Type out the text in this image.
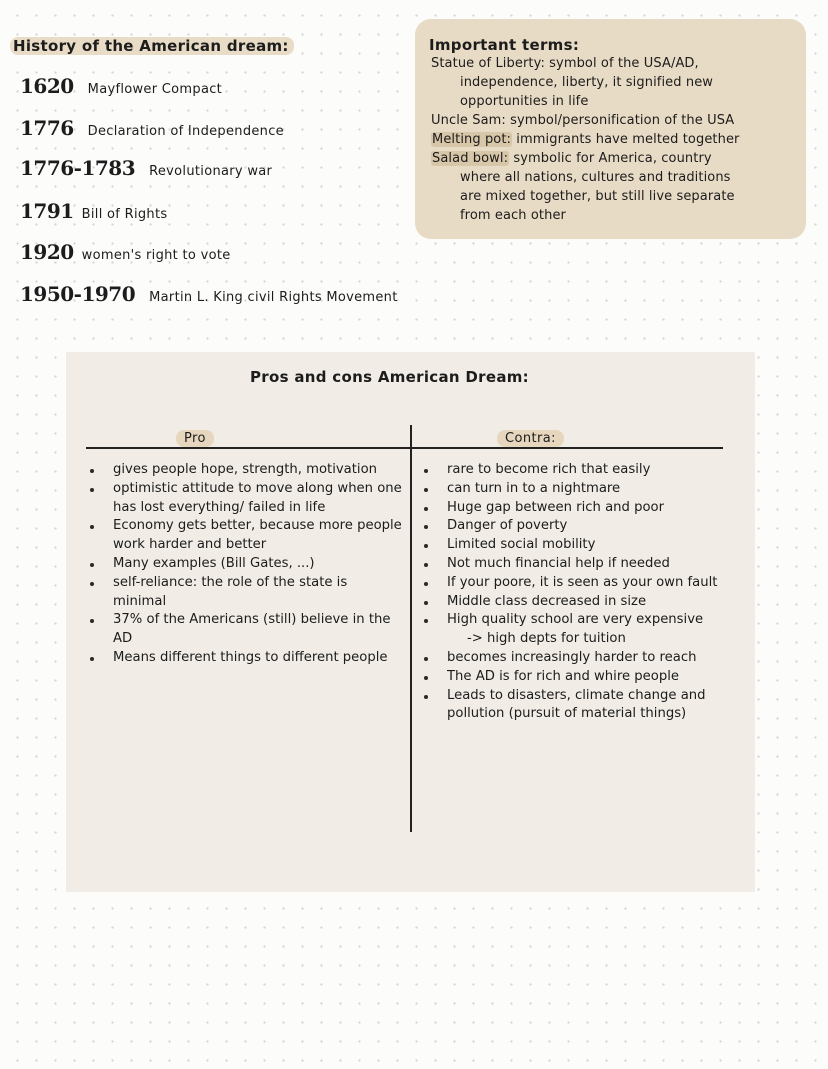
History of the American dream:
1620 Mayflower Compact
1776 Declaration of Independence
1776-1783 Revolutionary war
1791 Bill of Rights
1920 women's right to vote
1950-1970 Martin L. King civil Rights Movement
Important terms:
Statue of Liberty: symbol of the USA/AD,
independence, liberty, it signified new
opportunities in life
Uncle Sam: symbol/personification of the USA
Melting pot: immigrants have melted together
Salad bowl: symbolic for America, country
where all nations, cultures and traditions
are mixed together, but still live separate
from each other
Pros and cons American Dream:
Pro	Contra:
gives people hope, strength, motivation
optimistic attitude to move along when one has lost everything/ failed in life
Economy gets better, because more people work harder and better
Many examples (Bill Gates, ...)
self-reliance: the role of the state is minimal
37% of the Americans (still) believe in the AD
Means different things to different people
rare to become rich that easily
can turn in to a nightmare
Huge gap between rich and poor
Danger of poverty
Limited social mobility
Not much financial help if needed
If your poore, it is seen as your own fault
Middle class decreased in size
High quality school are very expensive
-> high depts for tuition
becomes increasingly harder to reach
The AD is for rich and whire people
Leads to disasters, climate change and pollution (pursuit of material things)
